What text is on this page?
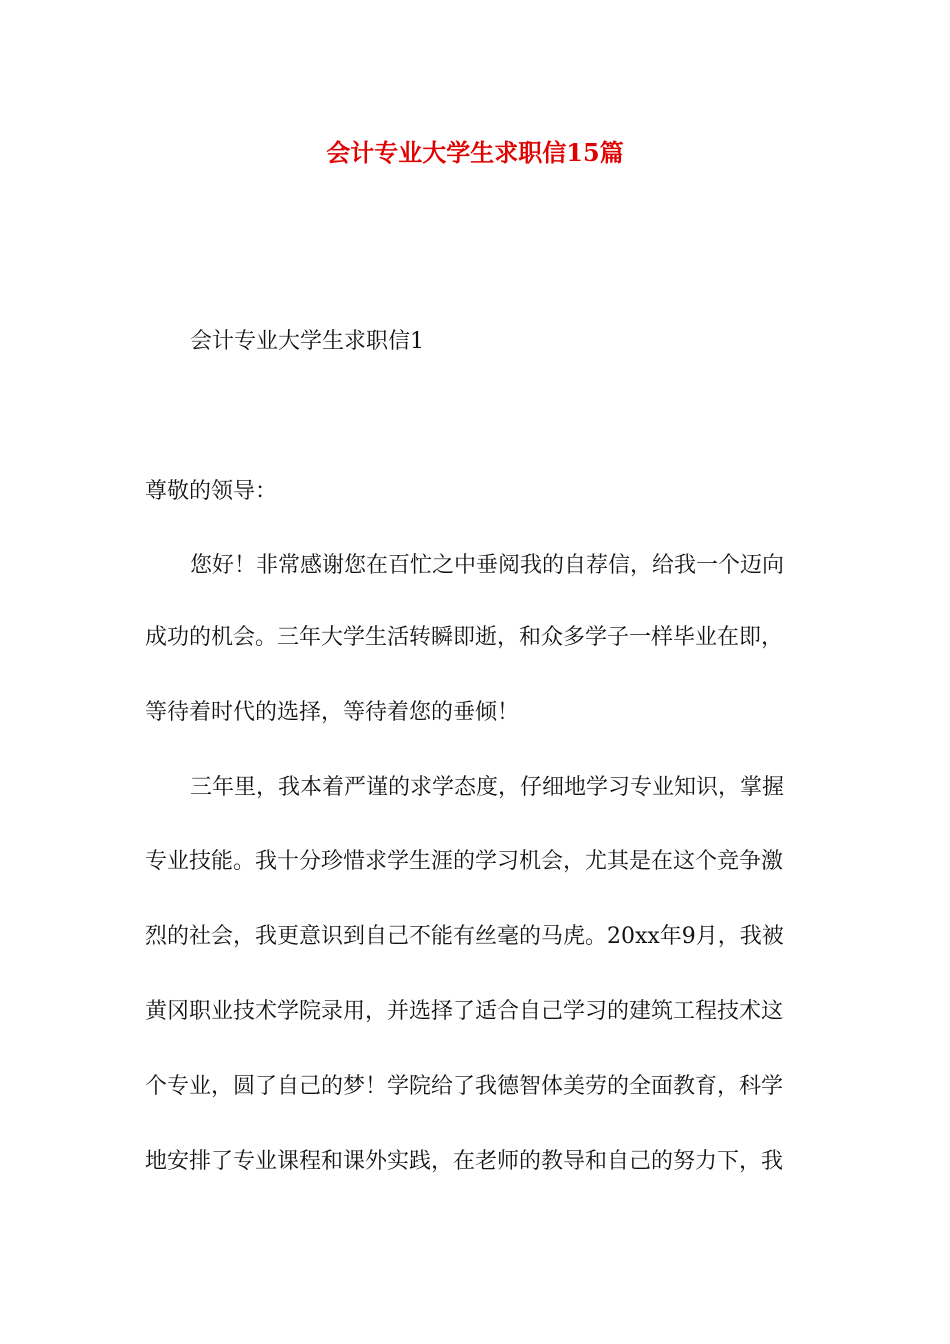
会计专业大学生求职信15篇
会计专业大学生求职信1
尊敬的领导：
您好！非常感谢您在百忙之中垂阅我的自荐信，给我一个迈向
成功的机会。三年大学生活转瞬即逝，和众多学子一样毕业在即，
等待着时代的选择，等待着您的垂倾！
三年里，我本着严谨的求学态度，仔细地学习专业知识，掌握
专业技能。我十分珍惜求学生涯的学习机会，尤其是在这个竞争激
烈的社会，我更意识到自己不能有丝毫的马虎。20xx年9月，我被
黄冈职业技术学院录用，并选择了适合自己学习的建筑工程技术这
个专业，圆了自己的梦！学院给了我德智体美劳的全面教育，科学
地安排了专业课程和课外实践，在老师的教导和自己的努力下，我
